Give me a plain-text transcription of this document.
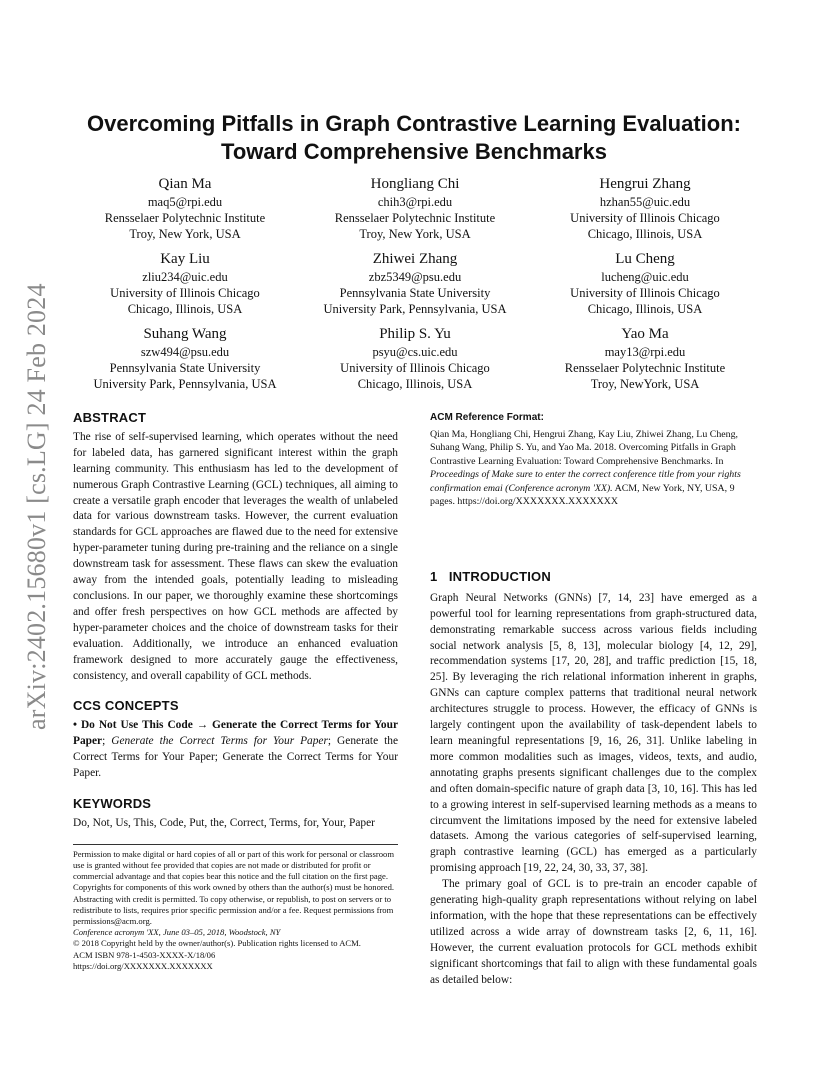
arXiv:2402.15680v1 [cs.LG] 24 Feb 2024
Overcoming Pitfalls in Graph Contrastive Learning Evaluation:
Toward Comprehensive Benchmarks
Qian Ma
maq5@rpi.edu
Rensselaer Polytechnic Institute
Troy, New York, USA
Hongliang Chi
chih3@rpi.edu
Rensselaer Polytechnic Institute
Troy, New York, USA
Hengrui Zhang
hzhan55@uic.edu
University of Illinois Chicago
Chicago, Illinois, USA
Kay Liu
zliu234@uic.edu
University of Illinois Chicago
Chicago, Illinois, USA
Zhiwei Zhang
zbz5349@psu.edu
Pennsylvania State University
University Park, Pennsylvania, USA
Lu Cheng
lucheng@uic.edu
University of Illinois Chicago
Chicago, Illinois, USA
Suhang Wang
szw494@psu.edu
Pennsylvania State University
University Park, Pennsylvania, USA
Philip S. Yu
psyu@cs.uic.edu
University of Illinois Chicago
Chicago, Illinois, USA
Yao Ma
may13@rpi.edu
Rensselaer Polytechnic Institute
Troy, NewYork, USA
ABSTRACT

The rise of self-supervised learning, which operates without the need for labeled data, has garnered significant interest within the graph learning community. This enthusiasm has led to the development of numerous Graph Contrastive Learning (GCL) techniques, all aiming to create a versatile graph encoder that leverages the wealth of unlabeled data for various downstream tasks. However, the current evaluation standards for GCL approaches are flawed due to the need for extensive hyper-parameter tuning during pre-training and the reliance on a single downstream task for assessment. These flaws can skew the evaluation away from the intended goals, potentially leading to misleading conclusions. In our paper, we thoroughly examine these shortcomings and offer fresh perspectives on how GCL methods are affected by hyper-parameter choices and the choice of downstream tasks for their evaluation. Additionally, we introduce an enhanced evaluation framework designed to more accurately gauge the effectiveness, consistency, and overall capability of GCL methods.

CCS CONCEPTS

• Do Not Use This Code → Generate the Correct Terms for Your Paper; Generate the Correct Terms for Your Paper; Generate the Correct Terms for Your Paper; Generate the Correct Terms for Your Paper.

KEYWORDS

Do, Not, Us, This, Code, Put, the, Correct, Terms, for, Your, Paper

Permission to make digital or hard copies of all or part of this work for personal or classroom use is granted without fee provided that copies are not made or distributed for profit or commercial advantage and that copies bear this notice and the full citation on the first page. Copyrights for components of this work owned by others than the author(s) must be honored. Abstracting with credit is permitted. To copy otherwise, or republish, to post on servers or to redistribute to lists, requires prior specific permission and/or a fee. Request permissions from permissions@acm.org.
Conference acronym 'XX, June 03–05, 2018, Woodstock, NY
© 2018 Copyright held by the owner/author(s). Publication rights licensed to ACM.
ACM ISBN 978-1-4503-XXXX-X/18/06
https://doi.org/XXXXXXX.XXXXXXX
ACM Reference Format:
Qian Ma, Hongliang Chi, Hengrui Zhang, Kay Liu, Zhiwei Zhang, Lu Cheng, Suhang Wang, Philip S. Yu, and Yao Ma. 2018. Overcoming Pitfalls in Graph Contrastive Learning Evaluation: Toward Comprehensive Benchmarks. In Proceedings of Make sure to enter the correct conference title from your rights confirmation emai (Conference acronym 'XX). ACM, New York, NY, USA, 9 pages. https://doi.org/XXXXXXX.XXXXXXX
1   INTRODUCTION

Graph Neural Networks (GNNs) [7, 14, 23] have emerged as a powerful tool for learning representations from graph-structured data, demonstrating remarkable success across various fields including social network analysis [5, 8, 13], molecular biology [4, 12, 29], recommendation systems [17, 20, 28], and traffic prediction [15, 18, 25]. By leveraging the rich relational information inherent in graphs, GNNs can capture complex patterns that traditional neural network architectures struggle to process. However, the efficacy of GNNs is largely contingent upon the availability of task-dependent labels to learn meaningful representations [9, 16, 26, 31]. Unlike labeling in more common modalities such as images, videos, texts, and audio, annotating graphs presents significant challenges due to the complex and often domain-specific nature of graph data [3, 10, 16]. This has led to a growing interest in self-supervised learning methods as a means to circumvent the limitations imposed by the need for extensive labeled datasets. Among the various categories of self-supervised learning, graph contrastive learning (GCL) has emerged as a particularly promising approach [19, 22, 24, 30, 33, 37, 38].

The primary goal of GCL is to pre-train an encoder capable of generating high-quality graph representations without relying on label information, with the hope that these representations can be effectively utilized across a wide array of downstream tasks [2, 6, 11, 16]. However, the current evaluation protocols for GCL methods exhibit significant shortcomings that fail to align with these fundamental goals as detailed below:
